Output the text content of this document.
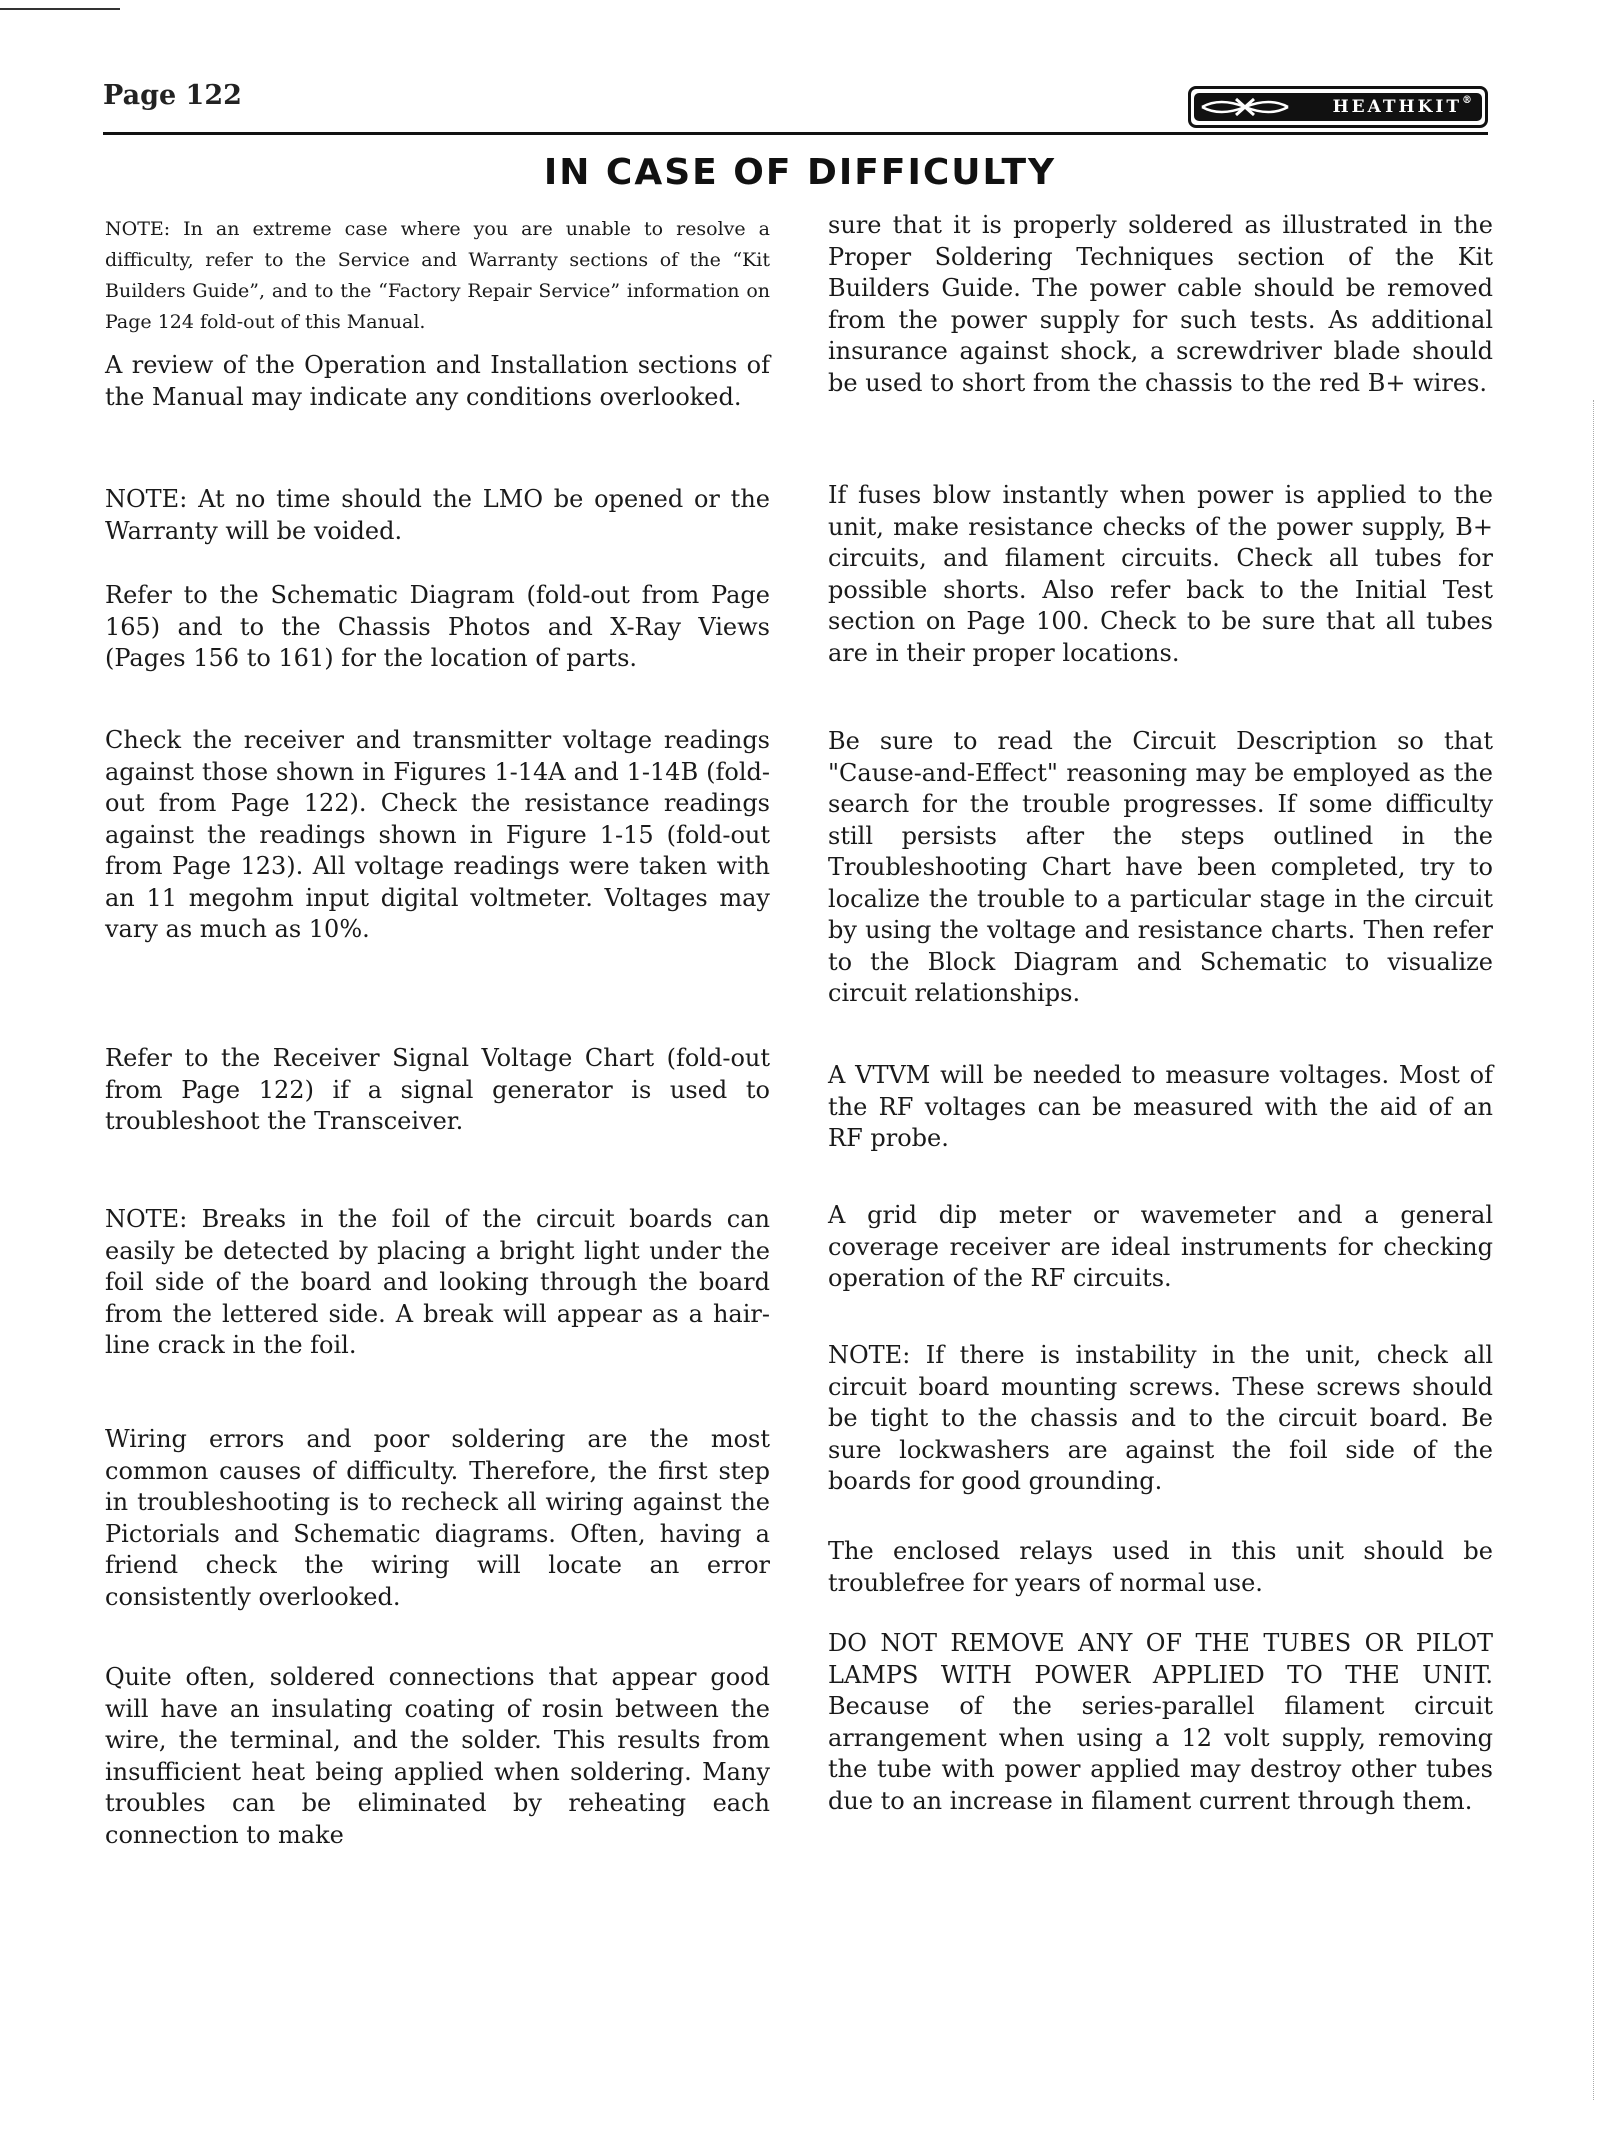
Page 122	HEATHKIT ®
IN CASE OF DIFFICULTY

NOTE: In an extreme case where you are unable to resolve a difficulty, refer to the Service and Warranty sections of the “Kit Builders Guide”, and to the “Factory Repair Service” information on Page 124 fold-out of this Manual.

A review of the Operation and Installation sections of the Manual may indicate any conditions overlooked.

NOTE: At no time should the LMO be opened or the Warranty will be voided.

Refer to the Schematic Diagram (fold-out from Page 165) and to the Chassis Photos and X-Ray Views (Pages 156 to 161) for the location of parts.

Check the receiver and transmitter voltage readings against those shown in Figures 1-14A and 1-14B (fold-out from Page 122). Check the resistance readings against the readings shown in Figure 1-15 (fold-out from Page 123). All voltage readings were taken with an 11 megohm input digital voltmeter. Voltages may vary as much as 10%.

Refer to the Receiver Signal Voltage Chart (fold-out from Page 122) if a signal generator is used to troubleshoot the Transceiver.

NOTE: Breaks in the foil of the circuit boards can easily be detected by placing a bright light under the foil side of the board and looking through the board from the lettered side. A break will appear as a hair-line crack in the foil.

Wiring errors and poor soldering are the most common causes of difficulty. Therefore, the first step in troubleshooting is to recheck all wiring against the Pictorials and Schematic diagrams. Often, having a friend check the wiring will locate an error consistently overlooked.

Quite often, soldered connections that appear good will have an insulating coating of rosin between the wire, the terminal, and the solder. This results from insufficient heat being applied when soldering. Many troubles can be eliminated by reheating each connection to make

sure that it is properly soldered as illustrated in the Proper Soldering Techniques section of the Kit Builders Guide. The power cable should be removed from the power supply for such tests. As additional insurance against shock, a screwdriver blade should be used to short from the chassis to the red B+ wires.

If fuses blow instantly when power is applied to the unit, make resistance checks of the power supply, B+ circuits, and filament circuits. Check all tubes for possible shorts. Also refer back to the Initial Test section on Page 100. Check to be sure that all tubes are in their proper locations.

Be sure to read the Circuit Description so that "Cause-and-Effect" reasoning may be employed as the search for the trouble progresses. If some difficulty still persists after the steps outlined in the Troubleshooting Chart have been completed, try to localize the trouble to a particular stage in the circuit by using the voltage and resistance charts. Then refer to the Block Diagram and Schematic to visualize circuit relationships.

A VTVM will be needed to measure voltages. Most of the RF voltages can be measured with the aid of an RF probe.

A grid dip meter or wavemeter and a general coverage receiver are ideal instruments for checking operation of the RF circuits.

NOTE: If there is instability in the unit, check all circuit board mounting screws. These screws should be tight to the chassis and to the circuit board. Be sure lockwashers are against the foil side of the boards for good grounding.

The enclosed relays used in this unit should be troublefree for years of normal use.

DO NOT REMOVE ANY OF THE TUBES OR PILOT LAMPS WITH POWER APPLIED TO THE UNIT. Because of the series-parallel filament circuit arrangement when using a 12 volt supply, removing the tube with power applied may destroy other tubes due to an increase in filament current through them.
